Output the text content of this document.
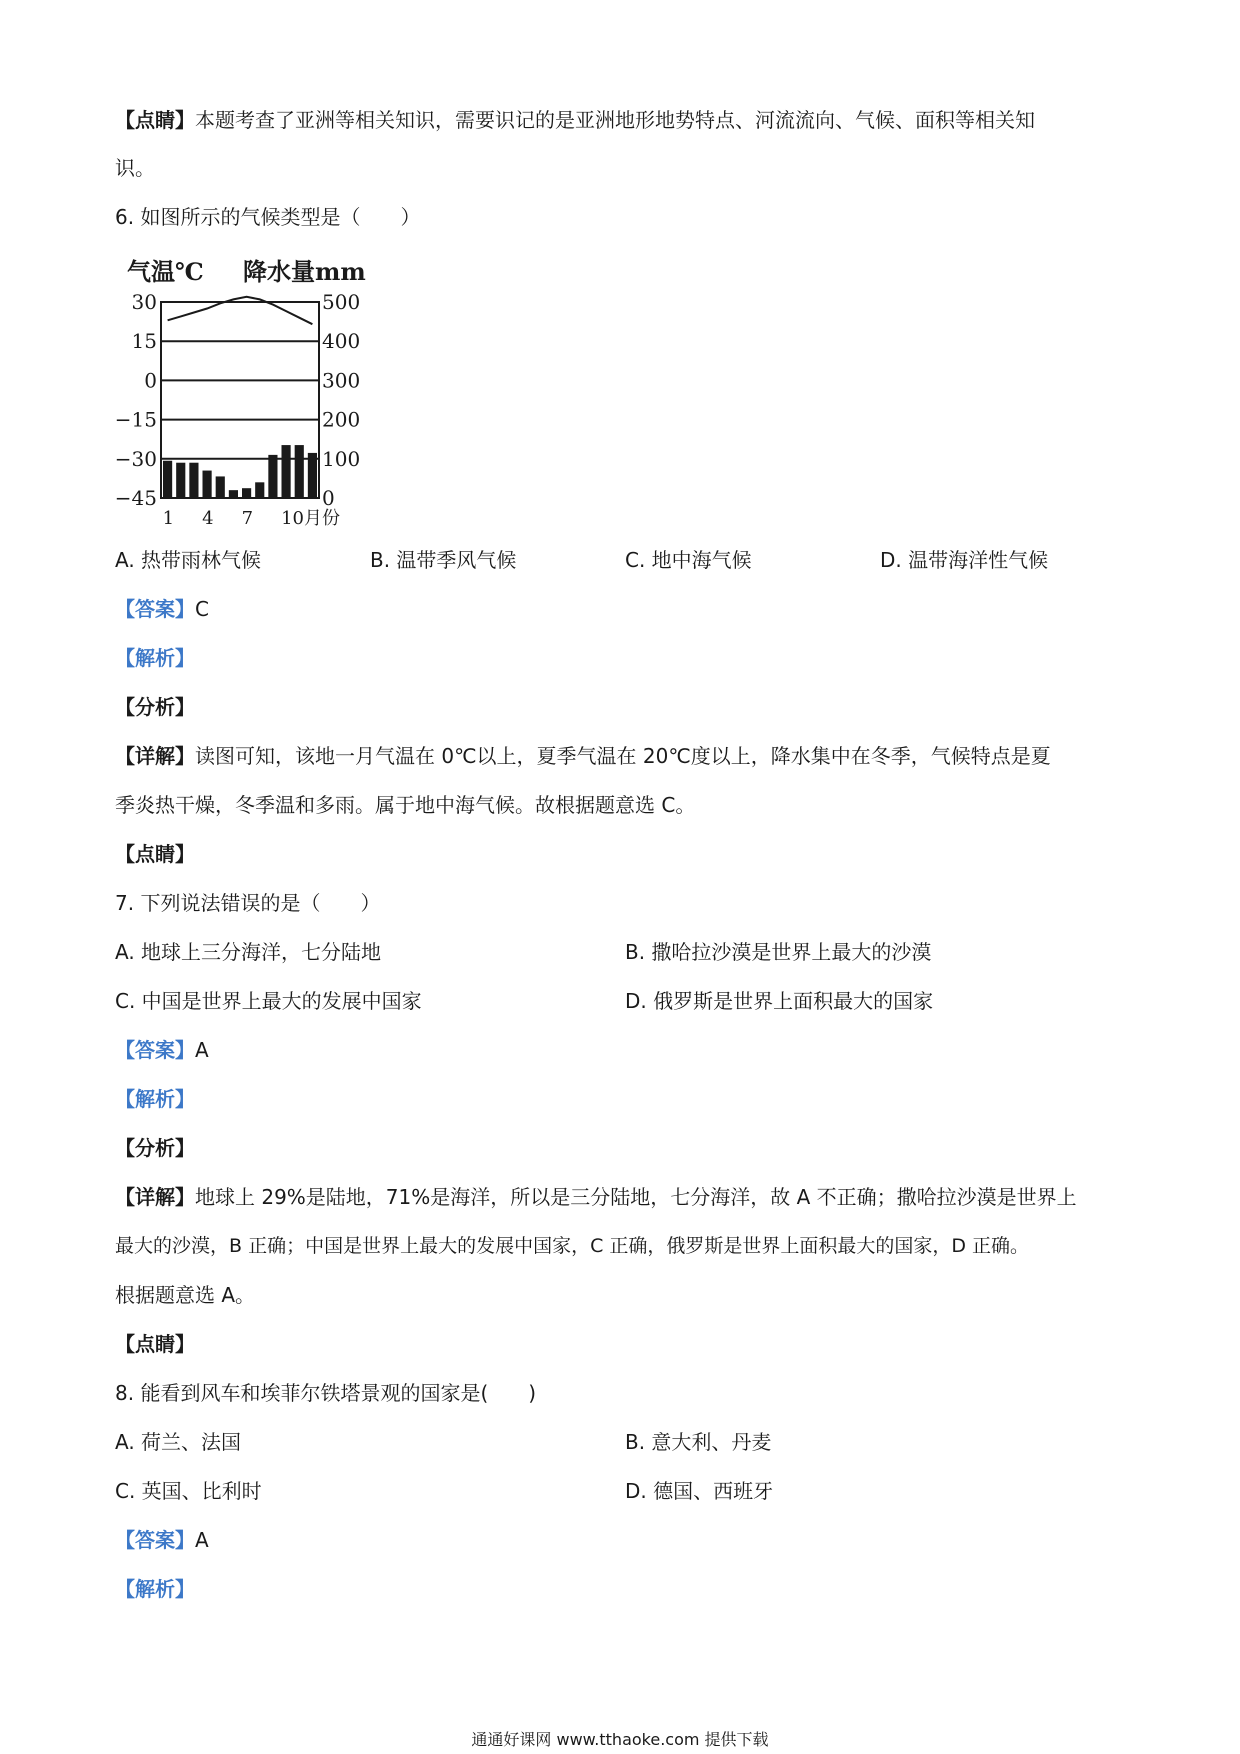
【点睛】本题考查了亚洲等相关知识，需要识记的是亚洲地形地势特点、河流流向、气候、面积等相关知

识。

6. 如图所示的气候类型是（　　）

气温℃ 降水量mm
30
15
0
−15
−30
−45
500
400
300
200
100
0
1 4 7 10月份

A. 热带雨林气候	B. 温带季风气候	C. 地中海气候	D. 温带海洋性气候

【答案】C

【解析】

【分析】

【详解】读图可知，该地一月气温在 0℃以上，夏季气温在 20℃度以上，降水集中在冬季，气候特点是夏

季炎热干燥，冬季温和多雨。属于地中海气候。故根据题意选 C。

【点睛】

7. 下列说法错误的是（　　）

A. 地球上三分海洋，七分陆地	B. 撒哈拉沙漠是世界上最大的沙漠

C. 中国是世界上最大的发展中国家	D. 俄罗斯是世界上面积最大的国家

【答案】A

【解析】

【分析】

【详解】地球上 29%是陆地，71%是海洋，所以是三分陆地，七分海洋，故 A 不正确；撒哈拉沙漠是世界上

最大的沙漠，B 正确；中国是世界上最大的发展中国家，C 正确，俄罗斯是世界上面积最大的国家，D 正确。

根据题意选 A。

【点睛】

8. 能看到风车和埃菲尔铁塔景观的国家是(　　)

A. 荷兰、法国	B. 意大利、丹麦

C. 英国、比利时	D. 德国、西班牙

【答案】A

【解析】

通通好课网 www.tthaoke.com 提供下载
